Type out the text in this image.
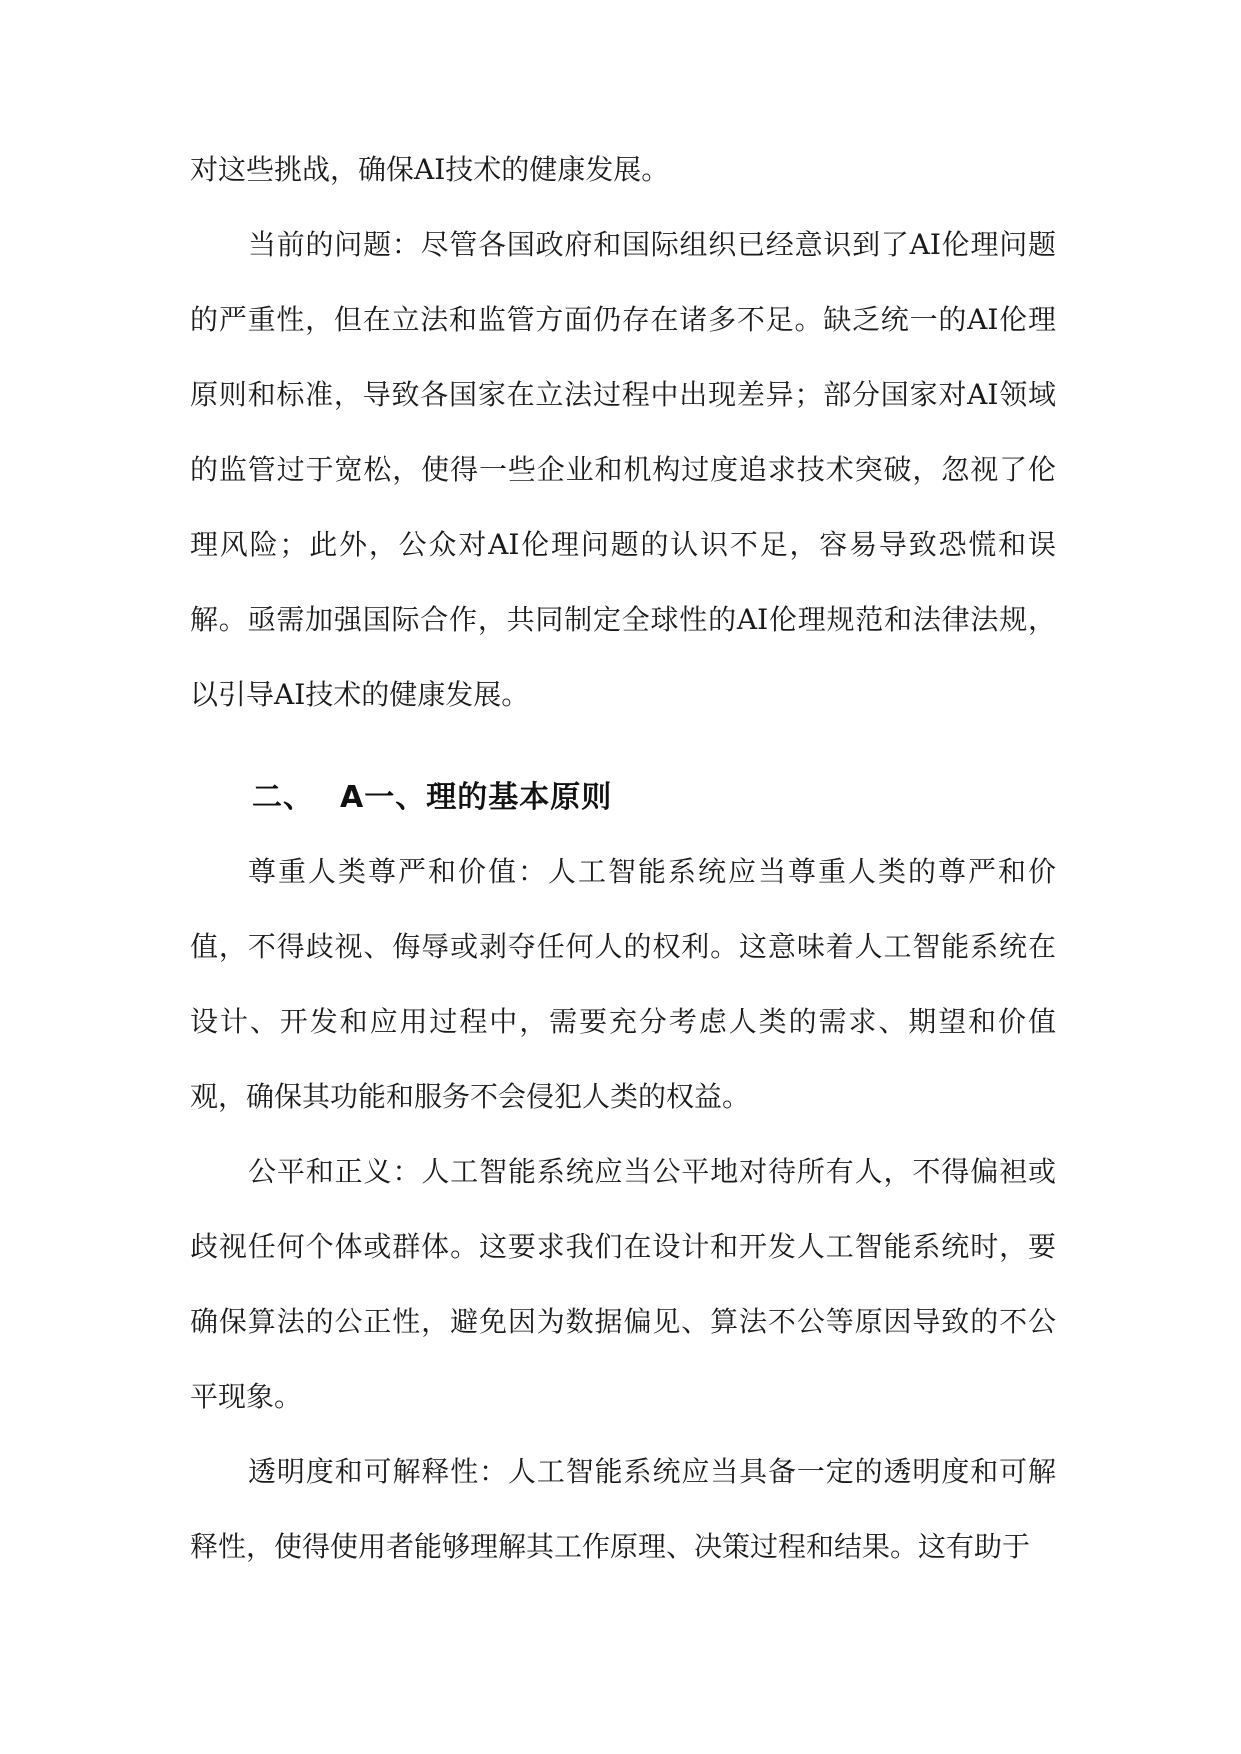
对这些挑战，确保AI技术的健康发展。

当前的问题：尽管各国政府和国际组织已经意识到了AI伦理问题的严重性，但在立法和监管方面仍存在诸多不足。缺乏统一的AI伦理原则和标准，导致各国家在立法过程中出现差异；部分国家对AI领域的监管过于宽松，使得一些企业和机构过度追求技术突破，忽视了伦理风险；此外，公众对AI伦理问题的认识不足，容易导致恐慌和误解。亟需加强国际合作，共同制定全球性的AI伦理规范和法律法规，以引导AI技术的健康发展。

二、 A一、理的基本原则

尊重人类尊严和价值：人工智能系统应当尊重人类的尊严和价值，不得歧视、侮辱或剥夺任何人的权利。这意味着人工智能系统在设计、开发和应用过程中，需要充分考虑人类的需求、期望和价值观，确保其功能和服务不会侵犯人类的权益。

公平和正义：人工智能系统应当公平地对待所有人，不得偏袒或歧视任何个体或群体。这要求我们在设计和开发人工智能系统时，要确保算法的公正性，避免因为数据偏见、算法不公等原因导致的不公平现象。

透明度和可解释性：人工智能系统应当具备一定的透明度和可解释性，使得使用者能够理解其工作原理、决策过程和结果。这有助于
